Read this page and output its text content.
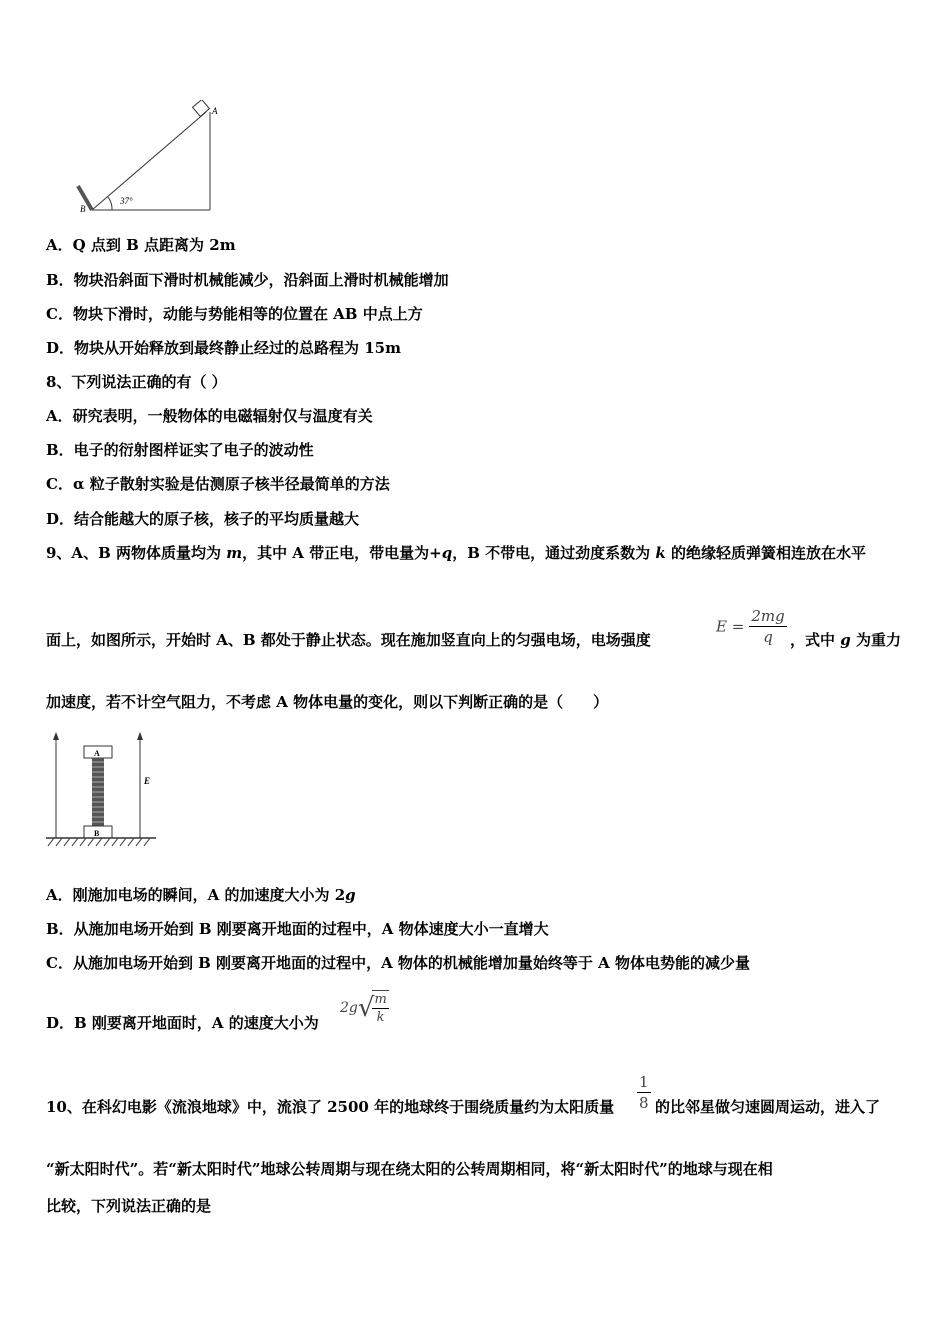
A
B
37°
A．Q 点到 B 点距离为 2m
B．物块沿斜面下滑时机械能减少，沿斜面上滑时机械能增加
C．物块下滑时，动能与势能相等的位置在 AB 中点上方
D．物块从开始释放到最终静止经过的总路程为 15m
8、下列说法正确的有（ ）
A．研究表明，一般物体的电磁辐射仅与温度有关
B．电子的衍射图样证实了电子的波动性
C．α 粒子散射实验是估测原子核半径最简单的方法
D．结合能越大的原子核，核子的平均质量越大
9、A、B 两物体质量均为 m，其中 A 带正电，带电量为+q，B 不带电，通过劲度系数为 k 的绝缘轻质弹簧相连放在水平
面上，如图所示，开始时 A、B 都处于静止状态。现在施加竖直向上的匀强电场，电场强度
$E = \frac{2mg}{q}$ ，式中 g 为重力
加速度，若不计空气阻力，不考虑 A 物体电量的变化，则以下判断正确的是（　　）
A
B
E
A．刚施加电场的瞬间，A 的加速度大小为 2g
B．从施加电场开始到 B 刚要离开地面的过程中，A 物体速度大小一直增大
C．从施加电场开始到 B 刚要离开地面的过程中，A 物体的机械能增加量始终等于 A 物体电势能的减少量
D．B 刚要离开地面时，A 的速度大小为
2g√
$\frac{m}{k}$
10、在科幻电影《流浪地球》中，流浪了 2500 年的地球终于围绕质量约为太阳质量 $\frac{1}{8}$ 的比邻星做匀速圆周运动，进入了
“新太阳时代”。若“新太阳时代”地球公转周期与现在绕太阳的公转周期相同，将“新太阳时代”的地球与现在相
比较，下列说法正确的是
